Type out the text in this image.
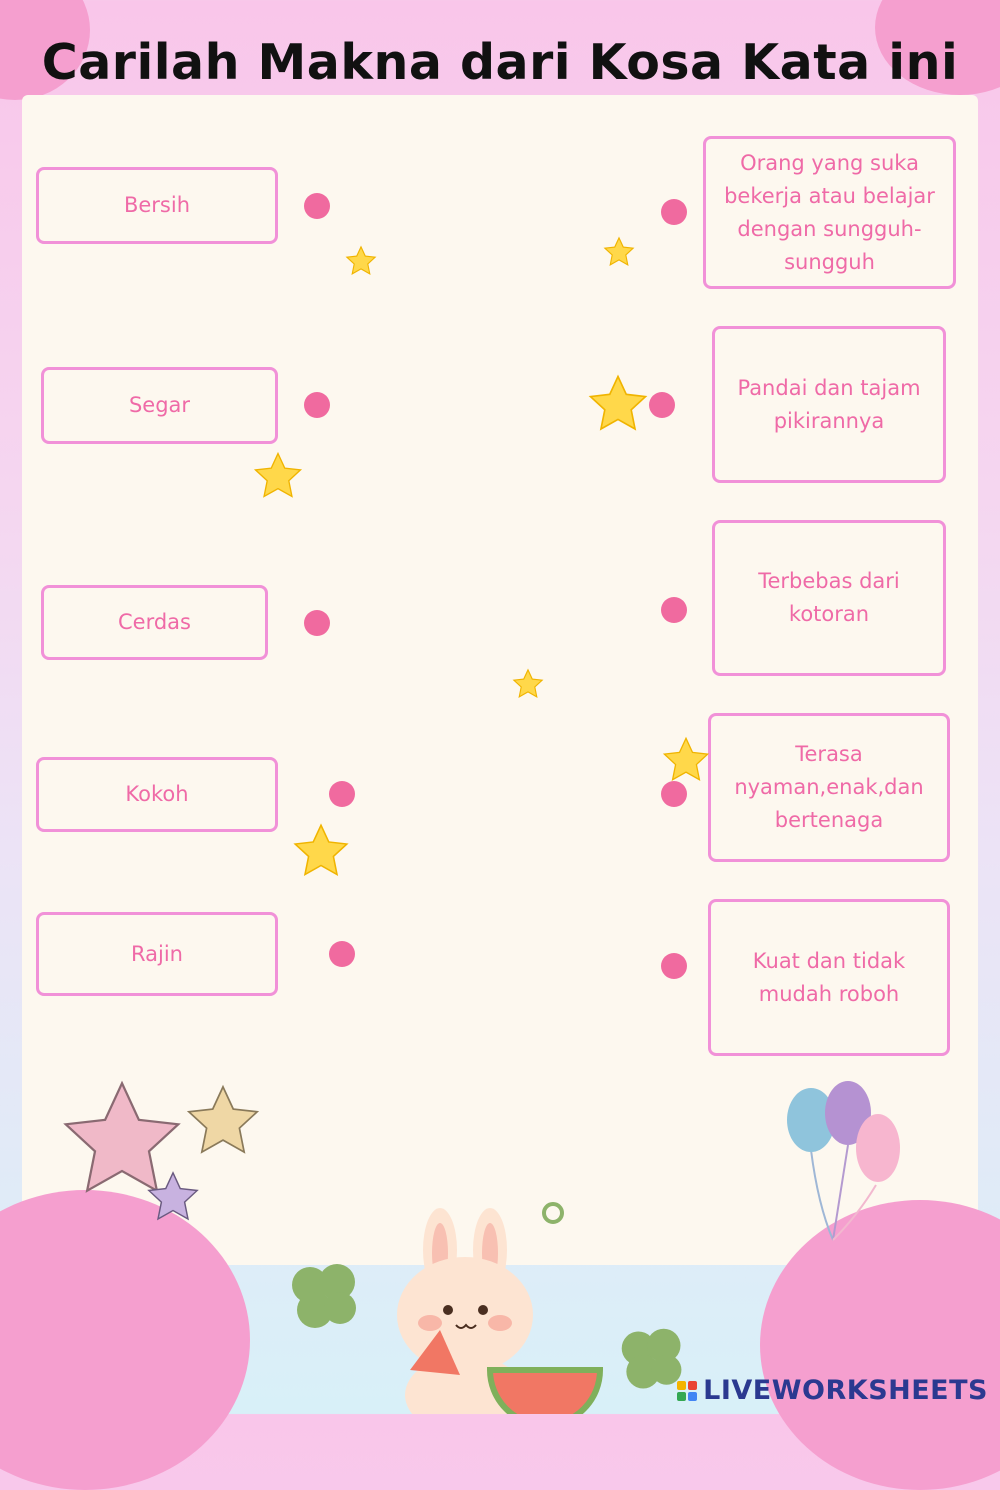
Carilah Makna dari Kosa Kata ini
Bersih
Segar
Cerdas
Kokoh
Rajin
Orang yang suka bekerja atau belajar dengan sungguh-sungguh
Pandai dan tajam pikirannya
Terbebas dari kotoran
Terasa nyaman,enak,dan bertenaga
Kuat dan tidak mudah roboh
LIVEWORKSHEETS
